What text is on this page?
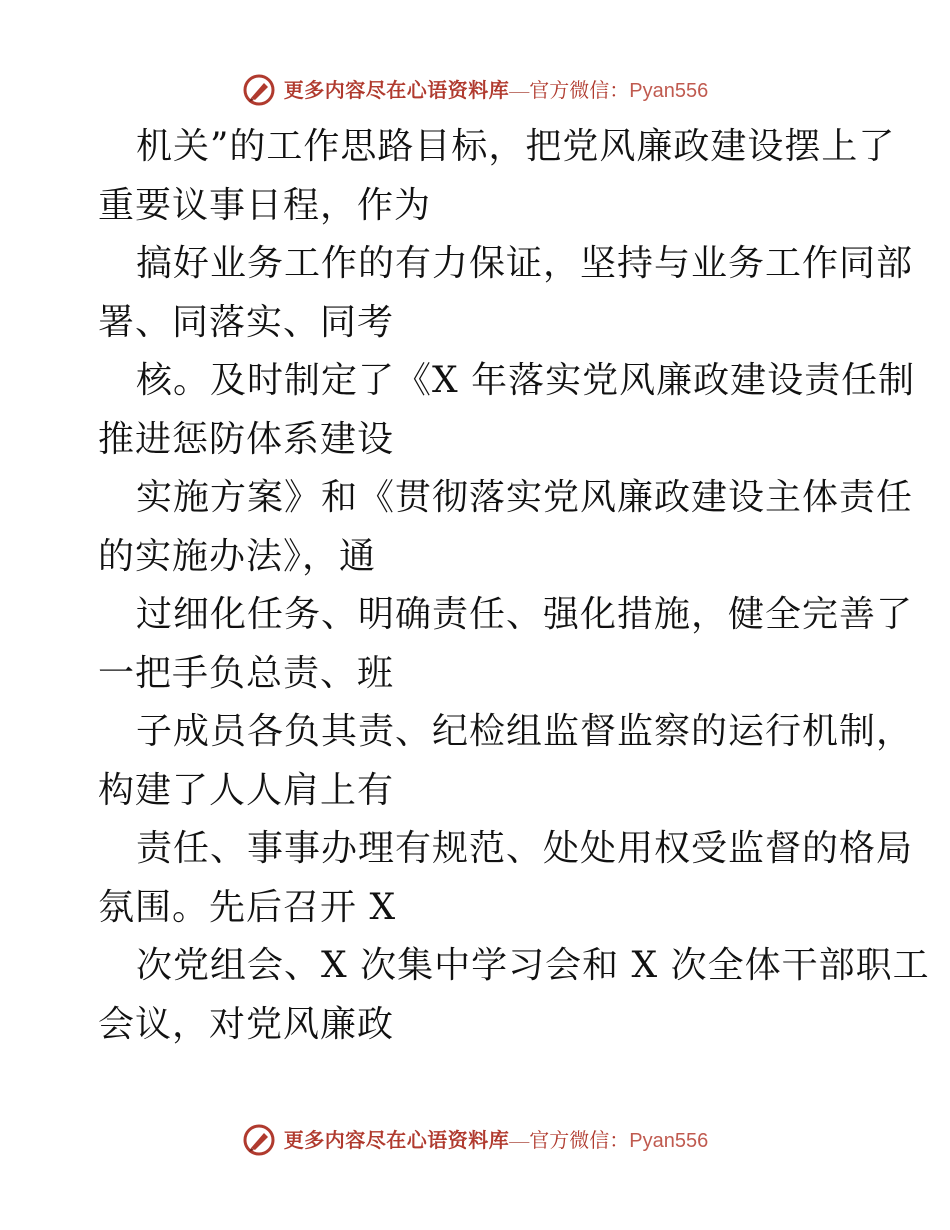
更多内容尽在心语资料库 — 官方微信： Pyan556
机关”的工作思路目标，把党风廉政建设摆上了
重要议事日程，作为
搞好业务工作的有力保证，坚持与业务工作同部
署、同落实、同考
核。及时制定了《X 年落实党风廉政建设责任制
推进惩防体系建设
实施方案》和《贯彻落实党风廉政建设主体责任
的实施办法》，通
过细化任务、明确责任、强化措施，健全完善了
一把手负总责、班
子成员各负其责、纪检组监督监察的运行机制，
构建了人人肩上有
责任、事事办理有规范、处处用权受监督的格局
氛围。先后召开 X
次党组会、X 次集中学习会和 X 次全体干部职工
会议，对党风廉政
更多内容尽在心语资料库 — 官方微信： Pyan556
